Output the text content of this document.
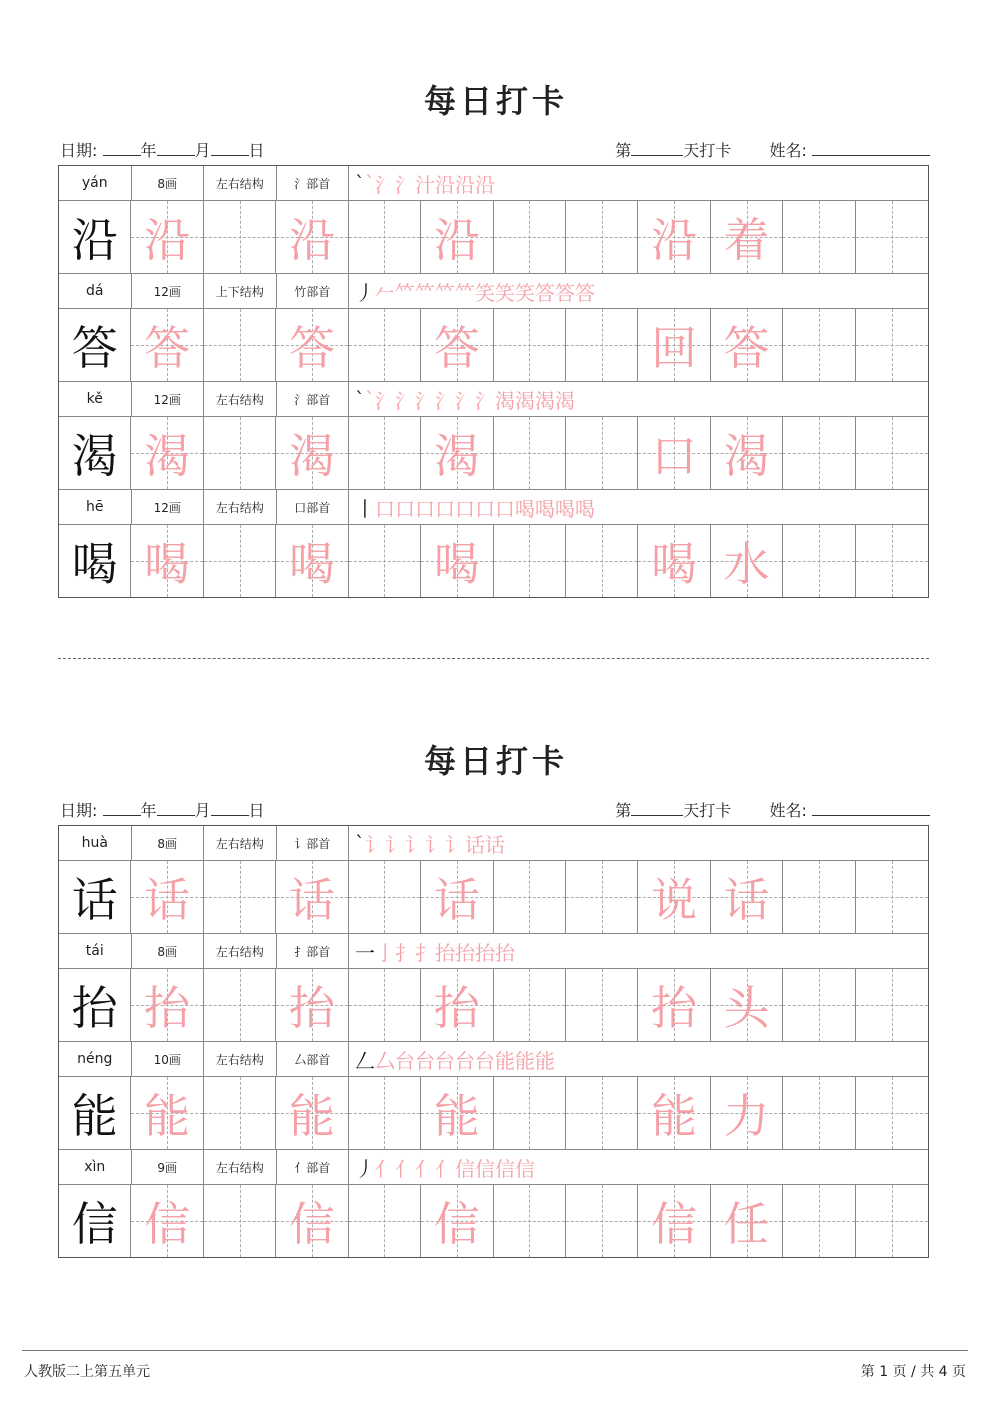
每日打卡
日期:	年 月 日	第	天打卡 姓名:
yán	8画	左右结构	氵部首	` ` 氵 氵 汁 沿 沿 沿
沿 沿 沿 沿	沿 着
dá	12画	上下结构	竹部首	丿 𠂉 𥫗 𥫗 𥫗 𥫗 笑 笑 笑 答 答 答
答 答 答 答	回 答
kě	12画	左右结构	氵部首	` ` 氵 氵 氵 氵 氵 氵 渴 渴 渴 渴
渴 渴 渴 渴	口 渴
hē	12画	左右结构	口部首	丨 口 口 口 口 口 口 口 喝 喝 喝 喝
喝 喝 喝 喝	喝 水
每日打卡
日期:	年 月 日	第	天打卡 姓名:
huà	8画	左右结构	讠部首	` 讠 讠 讠 讠 讠 话 话
话 话 话 话	说 话
tái	8画	左右结构	扌部首	一 亅 扌 扌 抬 抬 抬 抬
抬 抬 抬 抬	抬 头
néng	10画	左右结构	厶部首	𠃋 厶 台 台 台 台 台 能 能 能
能 能 能 能	能 力
xìn	9画	左右结构	亻部首	丿 亻 亻 亻 亻 信 信 信 信
信 信 信 信	信 任
人教版二上第五单元	第 1 页 / 共 4 页
